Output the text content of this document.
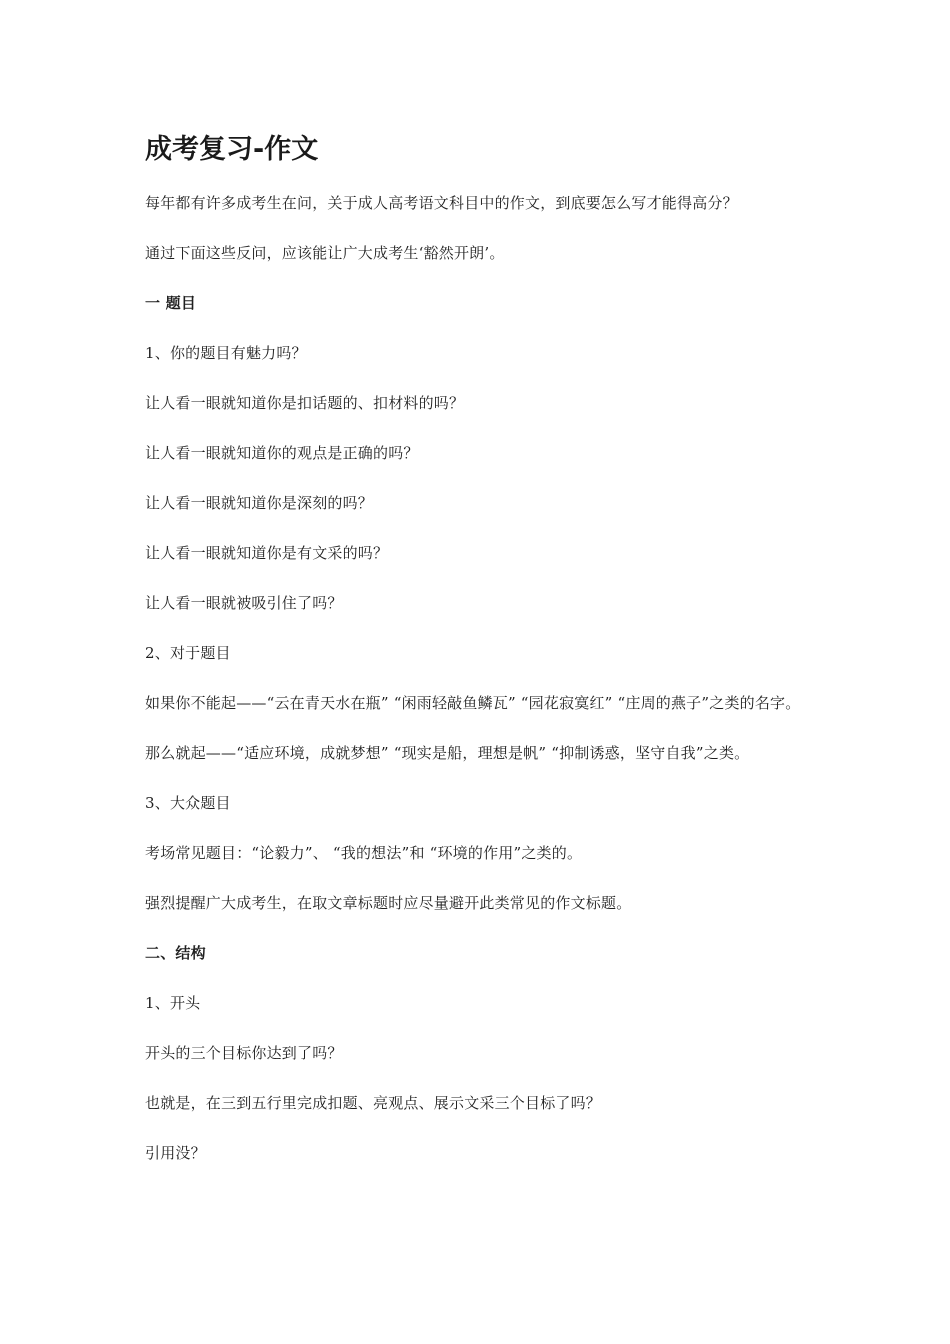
成考复习-作文

每年都有许多成考生在问，关于成人高考语文科目中的作文，到底要怎么写才能得高分？

通过下面这些反问，应该能让广大成考生‘豁然开朗’。

一 题目

1、你的题目有魅力吗？

让人看一眼就知道你是扣话题的、扣材料的吗？

让人看一眼就知道你的观点是正确的吗？

让人看一眼就知道你是深刻的吗？

让人看一眼就知道你是有文采的吗？

让人看一眼就被吸引住了吗？

2、对于题目

如果你不能起——“云在青天水在瓶” “闲雨轻敲鱼鳞瓦” “园花寂寞红” “庄周的燕子”之类的名字。

那么就起——“适应环境，成就梦想” “现实是船，理想是帆” “抑制诱惑，坚守自我”之类。

3、大众题目

考场常见题目：“论毅力”、 “我的想法”和 “环境的作用”之类的。

强烈提醒广大成考生，在取文章标题时应尽量避开此类常见的作文标题。

二、结构

1、开头

开头的三个目标你达到了吗？

也就是，在三到五行里完成扣题、亮观点、展示文采三个目标了吗？

引用没？
